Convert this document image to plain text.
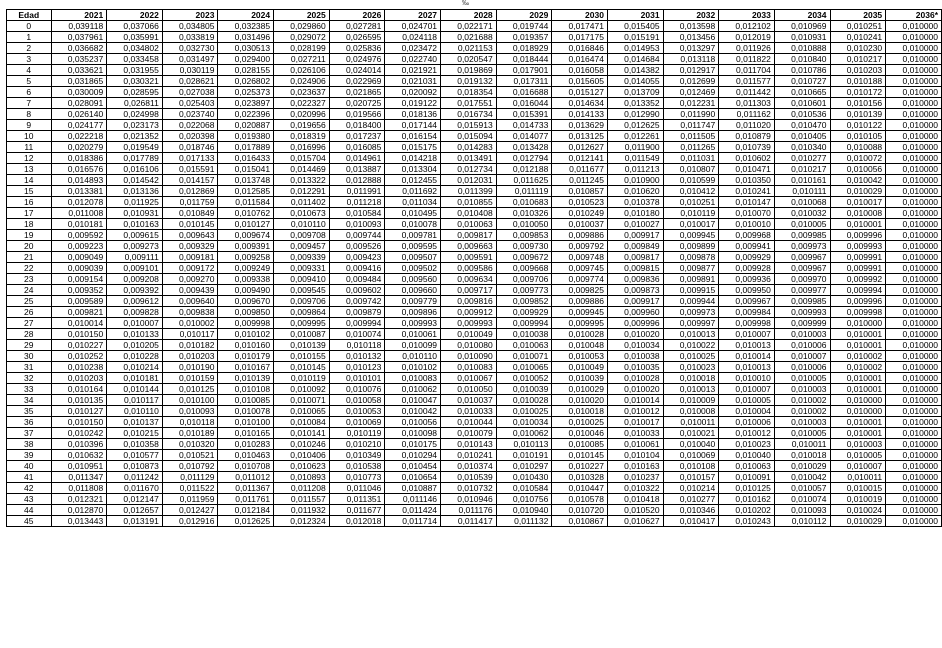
‰
Edad	2021	2022	2023	2024	2025	2026	2027	2028	2029	2030	2031	2032	2033	2034	2035	2036*
0	0,039118	0,037066	0,034805	0,032385	0,029860	0,027281	0,024701	0,022171	0,019744	0,017471	0,015405	0,013598	0,012102	0,010969	0,010251	0,010000
1	0,037961	0,035991	0,033819	0,031496	0,029072	0,026595	0,024118	0,021688	0,019357	0,017175	0,015191	0,013456	0,012019	0,010931	0,010241	0,010000
2	0,036682	0,034802	0,032730	0,030513	0,028199	0,025836	0,023472	0,021153	0,018929	0,016846	0,014953	0,013297	0,011926	0,010888	0,010230	0,010000
3	0,035237	0,033458	0,031497	0,029400	0,027211	0,024976	0,022740	0,020547	0,018444	0,016474	0,014684	0,013118	0,011822	0,010840	0,010217	0,010000
4	0,033621	0,031955	0,030119	0,028155	0,026106	0,024014	0,021921	0,019869	0,017901	0,016058	0,014382	0,012917	0,011704	0,010786	0,010203	0,010000
5	0,031865	0,030321	0,028621	0,026802	0,024906	0,022969	0,021031	0,019132	0,017311	0,015605	0,014055	0,012699	0,011577	0,010727	0,010188	0,010000
6	0,030009	0,028595	0,027038	0,025373	0,023637	0,021865	0,020092	0,018354	0,016688	0,015127	0,013709	0,012469	0,011442	0,010665	0,010172	0,010000
7	0,028091	0,026811	0,025403	0,023897	0,022327	0,020725	0,019122	0,017551	0,016044	0,014634	0,013352	0,012231	0,011303	0,010601	0,010156	0,010000
8	0,026140	0,024998	0,023740	0,022396	0,020996	0,019566	0,018136	0,016734	0,015391	0,014133	0,012990	0,011990	0,011162	0,010536	0,010139	0,010000
9	0,024177	0,023173	0,022068	0,020887	0,019656	0,018400	0,017144	0,015913	0,014733	0,013629	0,012625	0,011747	0,011020	0,010470	0,010122	0,010000
10	0,022218	0,021352	0,020398	0,019380	0,018319	0,017237	0,016154	0,015094	0,014077	0,013125	0,012261	0,011505	0,010879	0,010405	0,010105	0,010000
11	0,020279	0,019549	0,018746	0,017889	0,016996	0,016085	0,015175	0,014283	0,013428	0,012627	0,011900	0,011265	0,010739	0,010340	0,010088	0,010000
12	0,018386	0,017789	0,017133	0,016433	0,015704	0,014961	0,014218	0,013491	0,012794	0,012141	0,011549	0,011031	0,010602	0,010277	0,010072	0,010000
13	0,016576	0,016106	0,015591	0,015041	0,014469	0,013887	0,013304	0,012734	0,012188	0,011677	0,011213	0,010807	0,010471	0,010217	0,010056	0,010000
14	0,014893	0,014542	0,014157	0,013748	0,013322	0,012888	0,012455	0,012031	0,011625	0,011245	0,010900	0,010599	0,010350	0,010161	0,010042	0,010000
15	0,013381	0,013136	0,012869	0,012585	0,012291	0,011991	0,011692	0,011399	0,011119	0,010857	0,010620	0,010412	0,010241	0,010111	0,010029	0,010000
16	0,012078	0,011925	0,011759	0,011584	0,011402	0,011218	0,011034	0,010855	0,010683	0,010523	0,010378	0,010251	0,010147	0,010068	0,010017	0,010000
17	0,011008	0,010931	0,010849	0,010762	0,010673	0,010584	0,010495	0,010408	0,010326	0,010249	0,010180	0,010119	0,010070	0,010032	0,010008	0,010000
18	0,010181	0,010163	0,010145	0,010127	0,010110	0,010093	0,010078	0,010063	0,010050	0,010037	0,010027	0,010017	0,010010	0,010005	0,010001	0,010000
19	0,009592	0,009615	0,009643	0,009674	0,009708	0,009744	0,009781	0,009817	0,009853	0,009886	0,009917	0,009945	0,009968	0,009985	0,009996	0,010000
20	0,009223	0,009273	0,009329	0,009391	0,009457	0,009526	0,009595	0,009663	0,009730	0,009792	0,009849	0,009899	0,009941	0,009973	0,009993	0,010000
21	0,009049	0,009111	0,009181	0,009258	0,009339	0,009423	0,009507	0,009591	0,009672	0,009748	0,009817	0,009878	0,009929	0,009967	0,009991	0,010000
22	0,009039	0,009101	0,009172	0,009249	0,009331	0,009416	0,009502	0,009586	0,009668	0,009745	0,009815	0,009877	0,009928	0,009967	0,009991	0,010000
23	0,009154	0,009208	0,009270	0,009338	0,009410	0,009484	0,009560	0,009634	0,009706	0,009774	0,009836	0,009891	0,009936	0,009970	0,009992	0,010000
24	0,009352	0,009392	0,009439	0,009490	0,009545	0,009602	0,009660	0,009717	0,009773	0,009825	0,009873	0,009915	0,009950	0,009977	0,009994	0,010000
25	0,009589	0,009612	0,009640	0,009670	0,009706	0,009742	0,009779	0,009816	0,009852	0,009886	0,009917	0,009944	0,009967	0,009985	0,009996	0,010000
26	0,009821	0,009828	0,009838	0,009850	0,009864	0,009879	0,009896	0,009912	0,009929	0,009945	0,009960	0,009973	0,009984	0,009993	0,009998	0,010000
27	0,010014	0,010007	0,010002	0,009998	0,009995	0,009994	0,009993	0,009993	0,009994	0,009995	0,009996	0,009997	0,009998	0,009999	0,010000	0,010000
28	0,010150	0,010133	0,010117	0,010102	0,010087	0,010074	0,010061	0,010049	0,010038	0,010028	0,010020	0,010013	0,010007	0,010003	0,010001	0,010000
29	0,010227	0,010205	0,010182	0,010160	0,010139	0,010118	0,010099	0,010080	0,010063	0,010048	0,010034	0,010022	0,010013	0,010006	0,010001	0,010000
30	0,010252	0,010228	0,010203	0,010179	0,010155	0,010132	0,010110	0,010090	0,010071	0,010053	0,010038	0,010025	0,010014	0,010007	0,010002	0,010000
31	0,010238	0,010214	0,010190	0,010167	0,010145	0,010123	0,010102	0,010083	0,010065	0,010049	0,010035	0,010023	0,010013	0,010006	0,010002	0,010000
32	0,010203	0,010181	0,010159	0,010139	0,010119	0,010101	0,010083	0,010067	0,010052	0,010039	0,010028	0,010018	0,010010	0,010005	0,010001	0,010000
33	0,010164	0,010144	0,010125	0,010108	0,010092	0,010076	0,010062	0,010050	0,010039	0,010029	0,010020	0,010013	0,010007	0,010003	0,010001	0,010000
34	0,010135	0,010117	0,010100	0,010085	0,010071	0,010058	0,010047	0,010037	0,010028	0,010020	0,010014	0,010009	0,010005	0,010002	0,010000	0,010000
35	0,010127	0,010110	0,010093	0,010078	0,010065	0,010053	0,010042	0,010033	0,010025	0,010018	0,010012	0,010008	0,010004	0,010002	0,010000	0,010000
36	0,010150	0,010137	0,010118	0,010100	0,010084	0,010069	0,010056	0,010044	0,010034	0,010025	0,010017	0,010011	0,010006	0,010003	0,010001	0,010000
37	0,010242	0,010215	0,010189	0,010165	0,010141	0,010119	0,010098	0,010079	0,010062	0,010046	0,010033	0,010021	0,010012	0,010005	0,010001	0,010000
38	0,010396	0,010358	0,010320	0,010283	0,010246	0,010210	0,010175	0,010143	0,010113	0,010085	0,010061	0,010040	0,010023	0,010011	0,010003	0,010000
39	0,010632	0,010577	0,010521	0,010463	0,010406	0,010349	0,010294	0,010241	0,010191	0,010145	0,010104	0,010069	0,010040	0,010018	0,010005	0,010000
40	0,010951	0,010873	0,010792	0,010708	0,010623	0,010538	0,010454	0,010374	0,010297	0,010227	0,010163	0,010108	0,010063	0,010029	0,010007	0,010000
41	0,011347	0,011242	0,011129	0,011012	0,010893	0,010773	0,010654	0,010539	0,010430	0,010328	0,010237	0,010157	0,010091	0,010042	0,010011	0,010000
42	0,011808	0,011670	0,011522	0,011367	0,011208	0,011046	0,010887	0,010732	0,010584	0,010447	0,010322	0,010214	0,010125	0,010057	0,010015	0,010000
43	0,012321	0,012147	0,011959	0,011761	0,011557	0,011351	0,011146	0,010946	0,010756	0,010578	0,010418	0,010277	0,010162	0,010074	0,010019	0,010000
44	0,012870	0,012657	0,012427	0,012184	0,011932	0,011677	0,011424	0,011176	0,010940	0,010720	0,010520	0,010346	0,010202	0,010093	0,010024	0,010000
45	0,013443	0,013191	0,012916	0,012625	0,012324	0,012018	0,011714	0,011417	0,011132	0,010867	0,010627	0,010417	0,010243	0,010112	0,010029	0,010000
